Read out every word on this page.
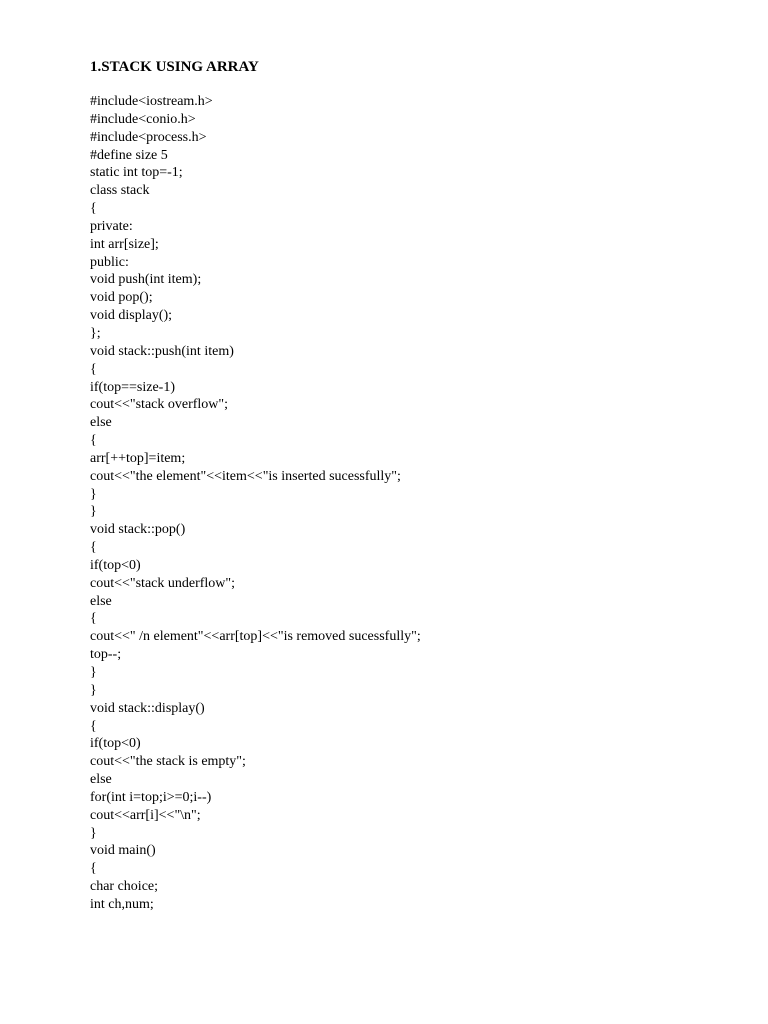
1.STACK USING ARRAY
#include<iostream.h>
#include<conio.h>
#include<process.h>
#define size 5
static int top=-1;
class stack
{
private:
int arr[size];
public:
void push(int item);
void pop();
void display();
};
void stack::push(int item)
{
if(top==size-1)
cout<<"stack overflow";
else
{
arr[++top]=item;
cout<<"the element"<<item<<"is inserted sucessfully";
}
}
void stack::pop()
{
if(top<0)
cout<<"stack underflow";
else
{
cout<<" /n element"<<arr[top]<<"is removed sucessfully";
top--;
}
}
void stack::display()
{
if(top<0)
cout<<"the stack is empty";
else
for(int i=top;i>=0;i--)
cout<<arr[i]<<"\n";
}
void main()
{
char choice;
int ch,num;
